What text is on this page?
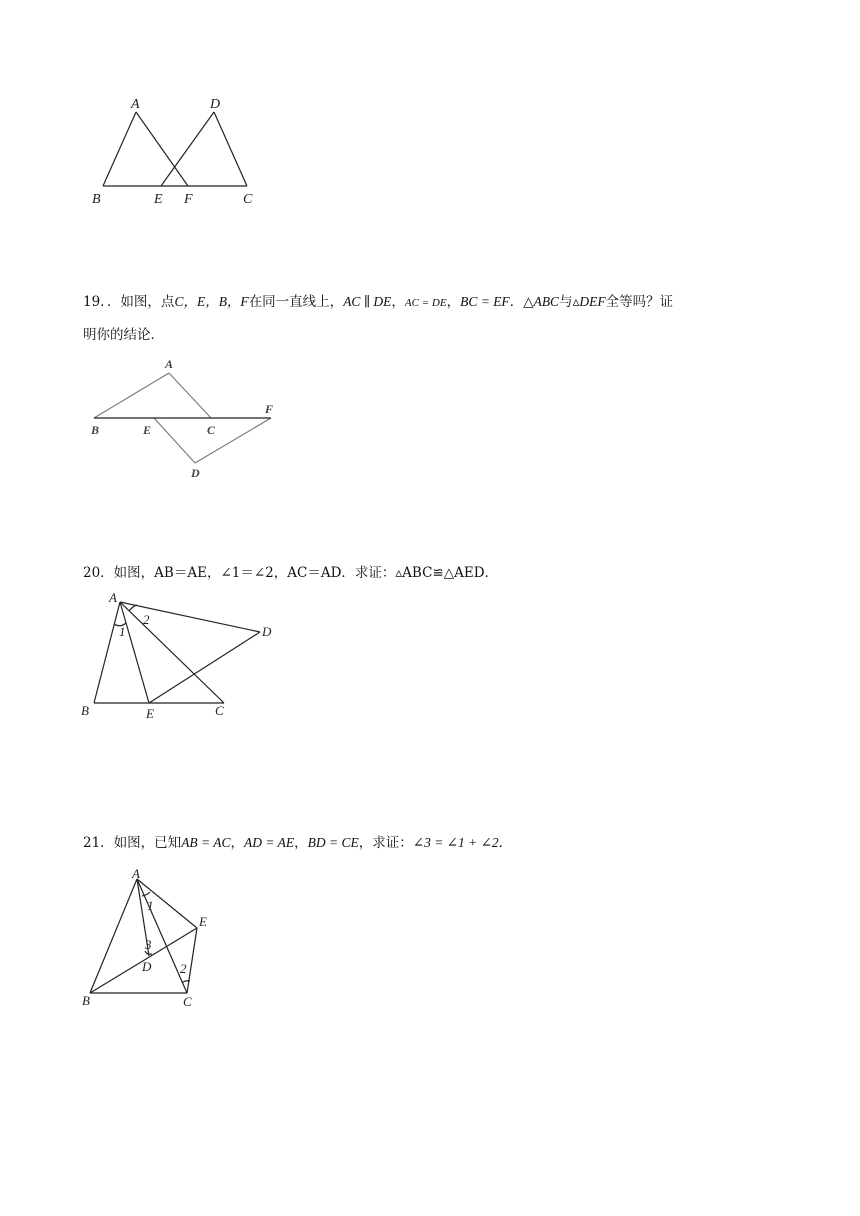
A	D
B	E F	C
19．．如图，点C，E，B，F在同一直线上，AC ∥ DE，AC = DE，BC = EF．△ABC与▵DEF全等吗？证
明你的结论．
A
F
B	E	C
D
20．如图，AB＝AE，∠1＝∠2，AC＝AD．求证：▵ABC≌△AED．
A
1
2
D
B	E	C
21．如图，已知AB = AC，AD = AE，BD = CE，求证：∠3 = ∠1 + ∠2．
A
1
E
3
D 2
B	C
